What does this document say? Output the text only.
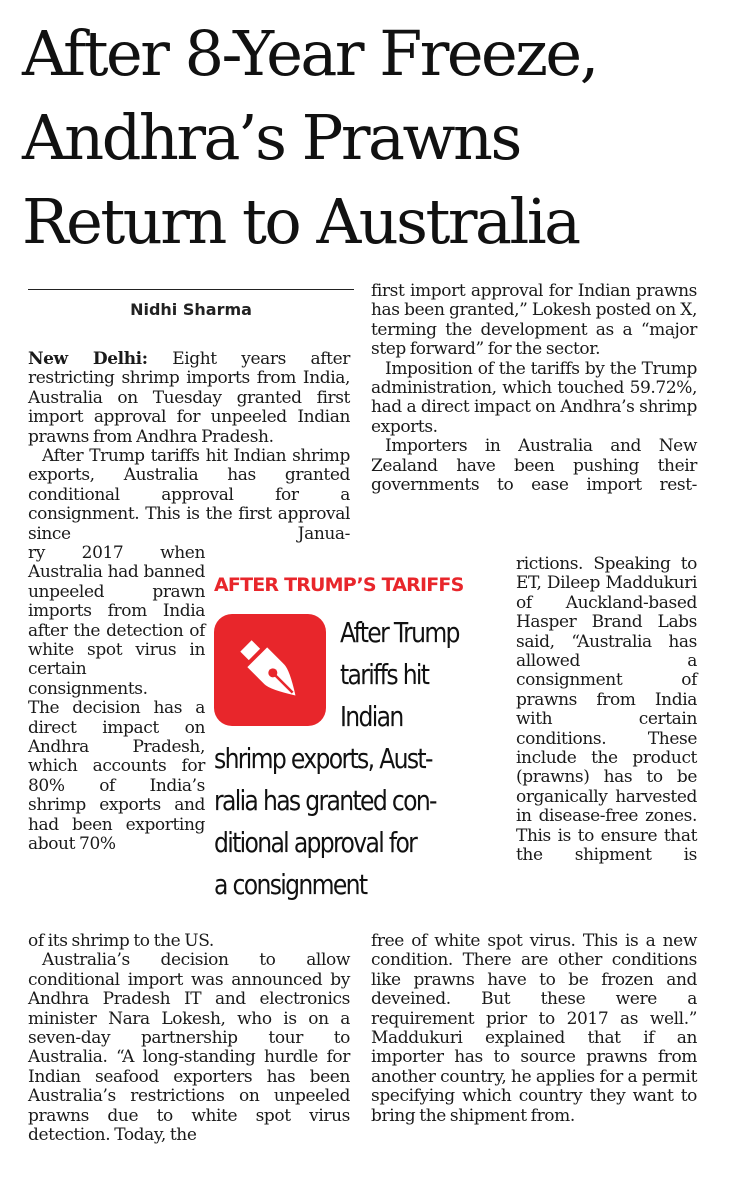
After 8-Year Freeze,
Andhra’s Prawns
Return to Australia
Nidhi Sharma

New Delhi: Eight years after restricting shrimp imports from India, Australia on Tuesday granted first import approval for unpeeled Indian prawns from Andhra Pradesh.

After Trump tariffs hit Indian shrimp exports, Australia has granted conditional approval for a consignment. This is the first approval since Janua-

ry 2017 when Australia had banned unpeeled prawn imports from India after the detection of white spot virus in certain consignments.

The decision has a direct impact on Andhra Pradesh, which accounts for 80% of India’s shrimp exports and had been exporting about 70%

of its shrimp to the US.

Australia’s decision to allow conditional import was announced by Andhra Pradesh IT and electronics minister Nara Lokesh, who is on a seven-day partnership tour to Australia. “A long-standing hurdle for Indian seafood exporters has been Australia’s restrictions on unpeeled prawns due to white spot virus detection. Today, the

first import approval for Indian prawns has been granted,” Lokesh posted on X, terming the development as a “major step forward” for the sector.

Imposition of the tariffs by the Trump administration, which touched 59.72%, had a direct impact on Andhra’s shrimp exports.

Importers in Australia and New Zealand have been pushing their governments to ease import rest-

rictions. Speaking to ET, Dileep Maddukuri of Auckland-based Hasper Brand Labs said, “Australia has allowed a consignment of prawns from India with certain conditions. These include the product (prawns) has to be organically harvested in disease-free zones. This is to ensure that the shipment is

free of white spot virus. This is a new condition. There are other conditions like prawns have to be frozen and deveined. But these were a requirement prior to 2017 as well.” Maddukuri explained that if an importer has to source prawns from another country, he applies for a permit specifying which country they want to bring the shipment from.

AFTER TRUMP’S TARIFFS
After Trump
tariffs hit
Indian
shrimp exports, Aust-
ralia has granted con-
ditional approval for
a consignment
